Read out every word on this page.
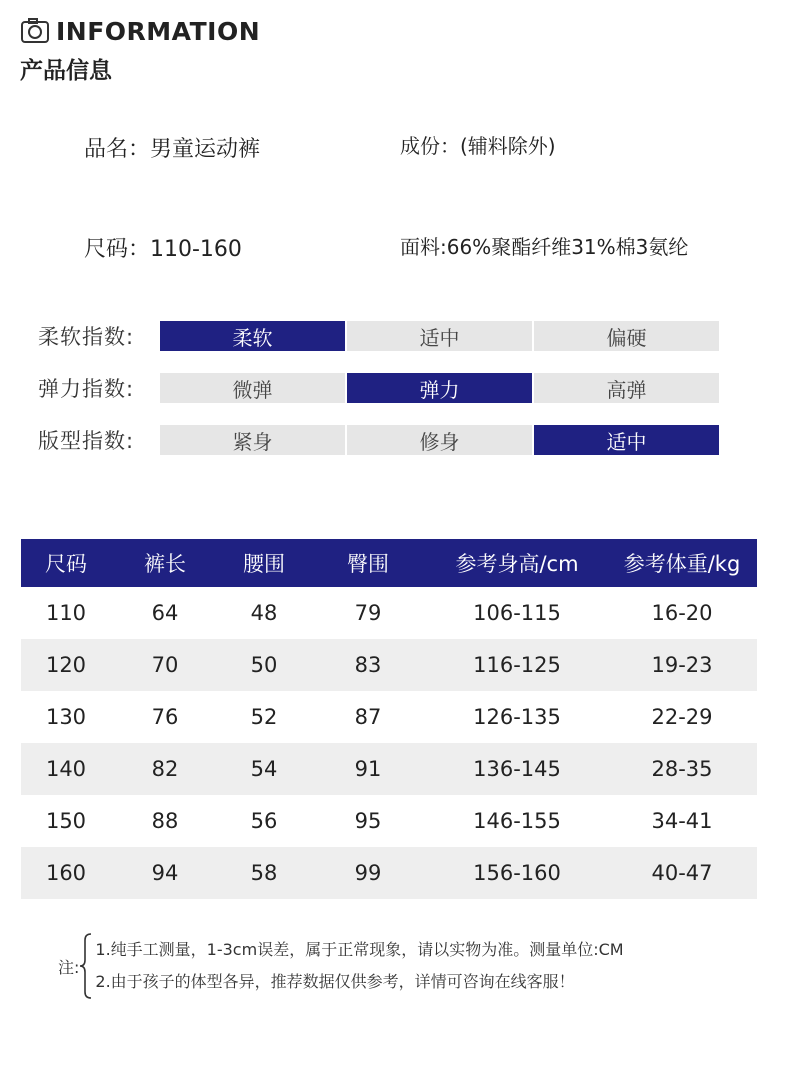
INFORMATION
产品信息
品名：男童运动裤	成份：(辅料除外)
尺码：110-160	面料:66%聚酯纤维31%棉3氨纶
柔软指数:	柔软	适中	偏硬
弹力指数:	微弹	弹力	高弹
版型指数:	紧身	修身	适中
尺码	裤长	腰围	臀围	参考身高/cm	参考体重/kg
110	64	48	79	106-115	16-20
120	70	50	83	116-125	19-23
130	76	52	87	126-135	22-29
140	82	54	91	136-145	28-35
150	88	56	95	146-155	34-41
160	94	58	99	156-160	40-47
注:
1.纯手工测量，1-3cm误差，属于正常现象，请以实物为准。测量单位:CM
2.由于孩子的体型各异，推荐数据仅供参考，详情可咨询在线客服！
